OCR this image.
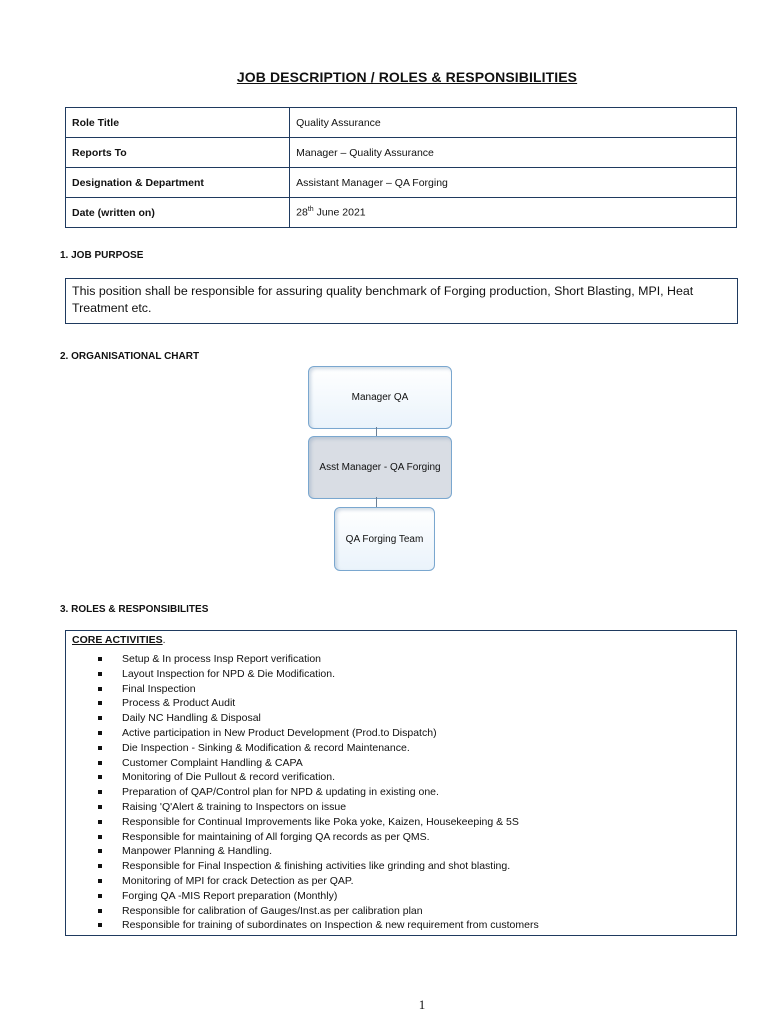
JOB DESCRIPTION / ROLES & RESPONSIBILITIES
Role Title	Quality Assurance
Reports To	Manager – Quality Assurance
Designation & Department	Assistant Manager – QA Forging
Date (written on)	28th June 2021
1. JOB PURPOSE
This position shall be responsible for assuring quality benchmark of Forging production, Short Blasting, MPI, Heat Treatment etc.
2. ORGANISATIONAL CHART
Manager QA
Asst Manager - QA Forging
QA Forging Team
3. ROLES & RESPONSIBILITES
CORE ACTIVITIES.
Setup & In process Insp Report verification
Layout Inspection for NPD & Die Modification.
Final Inspection
Process & Product Audit
Daily NC Handling & Disposal
Active participation in New Product Development (Prod.to Dispatch)
Die Inspection - Sinking & Modification & record Maintenance.
Customer Complaint Handling & CAPA
Monitoring of Die Pullout & record verification.
Preparation of QAP/Control plan for NPD & updating in existing one.
Raising 'Q'Alert & training to Inspectors on issue
Responsible for Continual Improvements like Poka yoke, Kaizen, Housekeeping & 5S
Responsible for maintaining of All forging QA records as per QMS.
Manpower Planning & Handling.
Responsible for Final Inspection & finishing activities like grinding and shot blasting.
Monitoring of MPI for crack Detection as per QAP.
Forging QA -MIS Report preparation (Monthly)
Responsible for calibration of Gauges/Inst.as per calibration plan
Responsible for training of subordinates on Inspection & new requirement from customers
1
